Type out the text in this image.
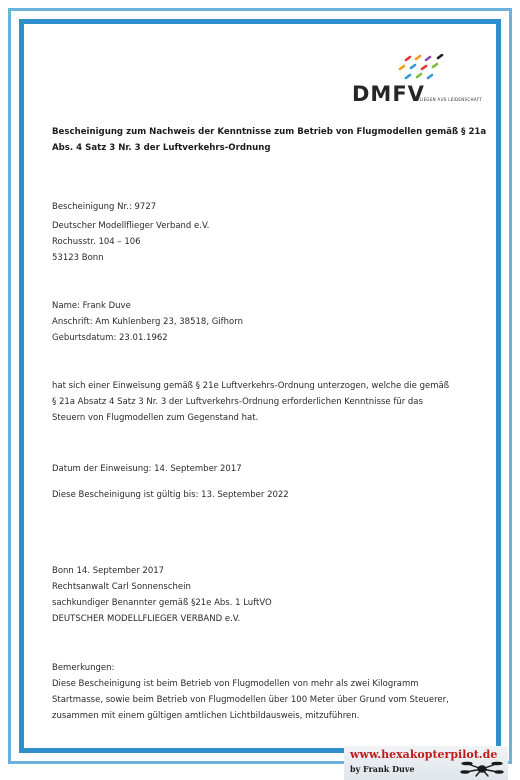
DMFV
FLIEGEN AUS LEIDENSCHAFT
Bescheinigung zum Nachweis der Kenntnisse zum Betrieb von Flugmodellen gemäß § 21a
Abs. 4 Satz 3 Nr. 3 der Luftverkehrs-Ordnung
Bescheinigung Nr.: 9727
Deutscher Modellflieger Verband e.V.
Rochusstr. 104 – 106
53123 Bonn
Name: Frank Duve
Anschrift: Am Kuhlenberg 23, 38518, Gifhorn
Geburtsdatum: 23.01.1962
hat sich einer Einweisung gemäß § 21e Luftverkehrs-Ordnung unterzogen, welche die gemäß
§ 21a Absatz 4 Satz 3 Nr. 3 der Luftverkehrs-Ordnung erforderlichen Kenntnisse für das
Steuern von Flugmodellen zum Gegenstand hat.
Datum der Einweisung: 14. September 2017
Diese Bescheinigung ist gültig bis: 13. September 2022
Bonn 14. September 2017
Rechtsanwalt Carl Sonnenschein
sachkundiger Benannter gemäß §21e Abs. 1 LuftVO
DEUTSCHER MODELLFLIEGER VERBAND e.V.
Bemerkungen:
Diese Bescheinigung ist beim Betrieb von Flugmodellen von mehr als zwei Kilogramm
Startmasse, sowie beim Betrieb von Flugmodellen über 100 Meter über Grund vom Steuerer,
zusammen mit einem gültigen amtlichen Lichtbildausweis, mitzuführen.
www.hexakopterpilot.de
by Frank Duve
